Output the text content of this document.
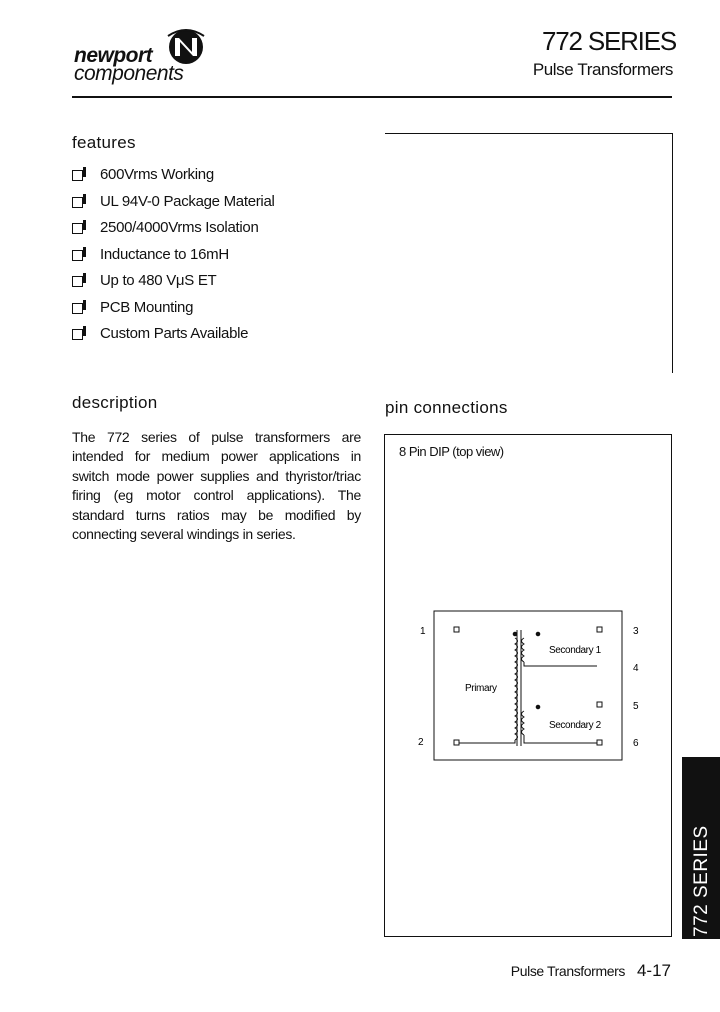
newport
components
772 SERIES
Pulse Transformers
features
600Vrms Working
UL 94V-0 Package Material
2500/4000Vrms Isolation
Inductance to 16mH
Up to 480 VμS ET
PCB Mounting
Custom Parts Available
description
The 772 series of pulse transformers are intended for medium power applications in switch mode power supplies and thyristor/triac firing (eg motor control applications). The standard turns ratios may be modified by connecting several windings in series.
pin connections
8 Pin DIP (top view)
1
2
3
4
5
6
Primary
Secondary 1
Secondary 2
772 SERIES
Pulse Transformers 4-17
